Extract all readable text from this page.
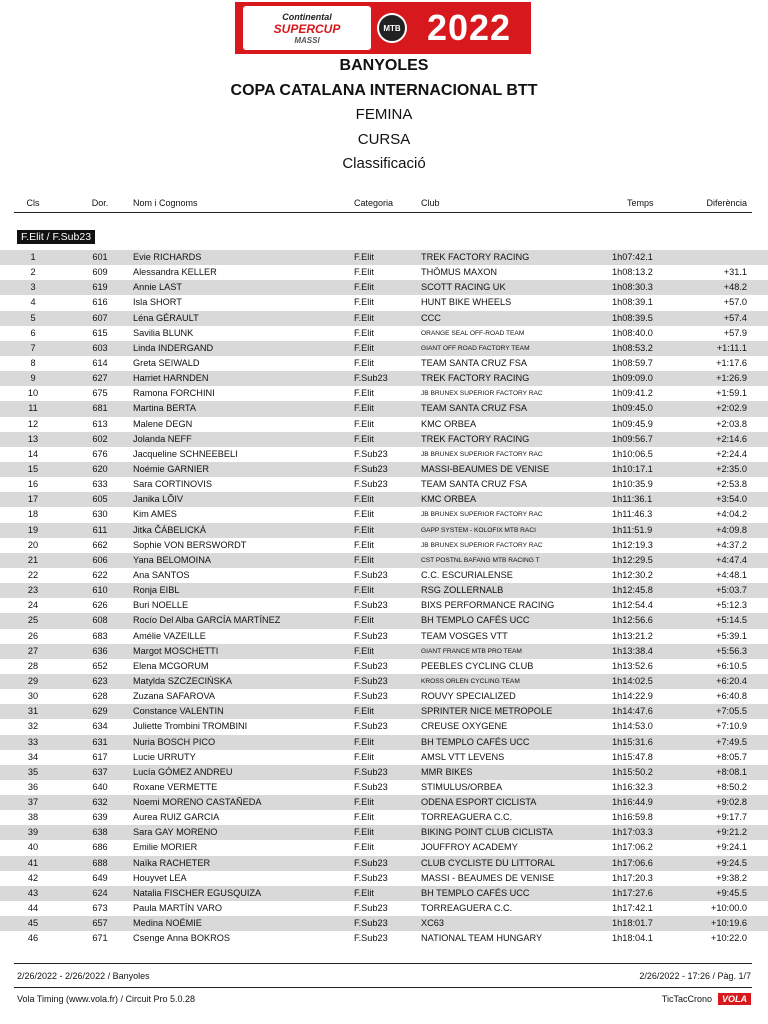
Continental
SUPERCUP
MASSI
MTB 2022
BANYOLES
COPA CATALANA INTERNACIONAL BTT
FEMINA
CURSA
Classificació
Cls	Dor.	Nom i Cognoms	Categoria	Club	Temps	Diferència
F.Elit / F.Sub23
1	601	Evie RICHARDS	F.Elit	TREK FACTORY RACING	1h07:42.1
2	609	Alessandra KELLER	F.Elit	THÖMUS MAXON	1h08:13.2	+31.1
3	619	Annie LAST	F.Elit	SCOTT RACING UK	1h08:30.3	+48.2
4	616	Isla SHORT	F.Elit	HUNT BIKE WHEELS	1h08:39.1	+57.0
5	607	Léna GÉRAULT	F.Elit	CCC	1h08:39.5	+57.4
6	615	Savilia BLUNK	F.Elit	ORANGE SEAL OFF-ROAD TEAM	1h08:40.0	+57.9
7	603	Linda INDERGAND	F.Elit	GIANT OFF ROAD FACTORY TEAM	1h08:53.2	+1:11.1
8	614	Greta SEIWALD	F.Elit	TEAM SANTA CRUZ FSA	1h08:59.7	+1:17.6
9	627	Harriet HARNDEN	F.Sub23	TREK FACTORY RACING	1h09:09.0	+1:26.9
10	675	Ramona FORCHINI	F.Elit	JB BRUNEX SUPERIOR FACTORY RAC	1h09:41.2	+1:59.1
11	681	Martina BERTA	F.Elit	TEAM SANTA CRUZ FSA	1h09:45.0	+2:02.9
12	613	Malene DEGN	F.Elit	KMC ORBEA	1h09:45.9	+2:03.8
13	602	Jolanda NEFF	F.Elit	TREK FACTORY RACING	1h09:56.7	+2:14.6
14	676	Jacqueline SCHNEEBELI	F.Sub23	JB BRUNEX SUPERIOR FACTORY RAC	1h10:06.5	+2:24.4
15	620	Noémie GARNIER	F.Sub23	MASSI-BEAUMES DE VENISE	1h10:17.1	+2:35.0
16	633	Sara CORTINOVIS	F.Sub23	TEAM SANTA CRUZ FSA	1h10:35.9	+2:53.8
17	605	Janika LÕIV	F.Elit	KMC ORBEA	1h11:36.1	+3:54.0
18	630	Kim AMES	F.Elit	JB BRUNEX SUPERIOR FACTORY RAC	1h11:46.3	+4:04.2
19	611	Jitka ČÁBELICKÁ	F.Elit	GAPP SYSTEM - KOLOFIX MTB RACI	1h11:51.9	+4:09.8
20	662	Sophie VON BERSWORDT	F.Elit	JB BRUNEX SUPERIOR FACTORY RAC	1h12:19.3	+4:37.2
21	606	Yana BELOMOINA	F.Elit	CST POSTNL BAFANG MTB RACING T	1h12:29.5	+4:47.4
22	622	Ana SANTOS	F.Sub23	C.C. ESCURIALENSE	1h12:30.2	+4:48.1
23	610	Ronja EIBL	F.Elit	RSG ZOLLERNALB	1h12:45.8	+5:03.7
24	626	Buri NOELLE	F.Sub23	BIXS PERFORMANCE RACING	1h12:54.4	+5:12.3
25	608	Rocío Del Alba GARCÍA MARTÍNEZ	F.Elit	BH TEMPLO CAFÉS UCC	1h12:56.6	+5:14.5
26	683	Amélie VAZEILLE	F.Sub23	TEAM VOSGES VTT	1h13:21.2	+5:39.1
27	636	Margot MOSCHETTI	F.Elit	GIANT FRANCE MTB PRO TEAM	1h13:38.4	+5:56.3
28	652	Elena MCGORUM	F.Sub23	PEEBLES CYCLING CLUB	1h13:52.6	+6:10.5
29	623	Matylda SZCZECIŃSKA	F.Sub23	KROSS ORLEN CYCLING TEAM	1h14:02.5	+6:20.4
30	628	Zuzana SAFAROVA	F.Sub23	ROUVY SPECIALIZED	1h14:22.9	+6:40.8
31	629	Constance VALENTIN	F.Elit	SPRINTER NICE METROPOLE	1h14:47.6	+7:05.5
32	634	Juliette Trombini TROMBINI	F.Sub23	CREUSE OXYGENE	1h14:53.0	+7:10.9
33	631	Nuria BOSCH PICO	F.Elit	BH TEMPLO CAFÉS UCC	1h15:31.6	+7:49.5
34	617	Lucie URRUTY	F.Elit	AMSL VTT LEVENS	1h15:47.8	+8:05.7
35	637	Lucía GÓMEZ ANDREU	F.Sub23	MMR BIKES	1h15:50.2	+8:08.1
36	640	Roxane VERMETTE	F.Sub23	STIMULUS/ORBEA	1h16:32.3	+8:50.2
37	632	Noemi MORENO CASTAÑEDA	F.Elit	ODENA ESPORT CICLISTA	1h16:44.9	+9:02.8
38	639	Aurea RUIZ GARCIA	F.Elit	TORREAGUERA C.C.	1h16:59.8	+9:17.7
39	638	Sara GAY MORENO	F.Elit	BIKING POINT CLUB CICLISTA	1h17:03.3	+9:21.2
40	686	Emilie MORIER	F.Elit	JOUFFROY ACADEMY	1h17:06.2	+9:24.1
41	688	Naïka RACHETER	F.Sub23	CLUB CYCLISTE DU LITTORAL	1h17:06.6	+9:24.5
42	649	Houyvet LEA	F.Sub23	MASSI - BEAUMES DE VENISE	1h17:20.3	+9:38.2
43	624	Natalia FISCHER EGUSQUIZA	F.Elit	BH TEMPLO CAFÉS UCC	1h17:27.6	+9:45.5
44	673	Paula MARTÍN VARO	F.Sub23	TORREAGUERA C.C.	1h17:42.1	+10:00.0
45	657	Medina NOÉMIE	F.Sub23	XC63	1h18:01.7	+10:19.6
46	671	Csenge Anna BOKROS	F.Sub23	NATIONAL TEAM HUNGARY	1h18:04.1	+10:22.0
2/26/2022 - 2/26/2022 / Banyoles	2/26/2022 - 17:26 / Pàg. 1/7
Vola Timing (www.vola.fr) / Circuit Pro 5.0.28	TicTacCrono	VOLA
